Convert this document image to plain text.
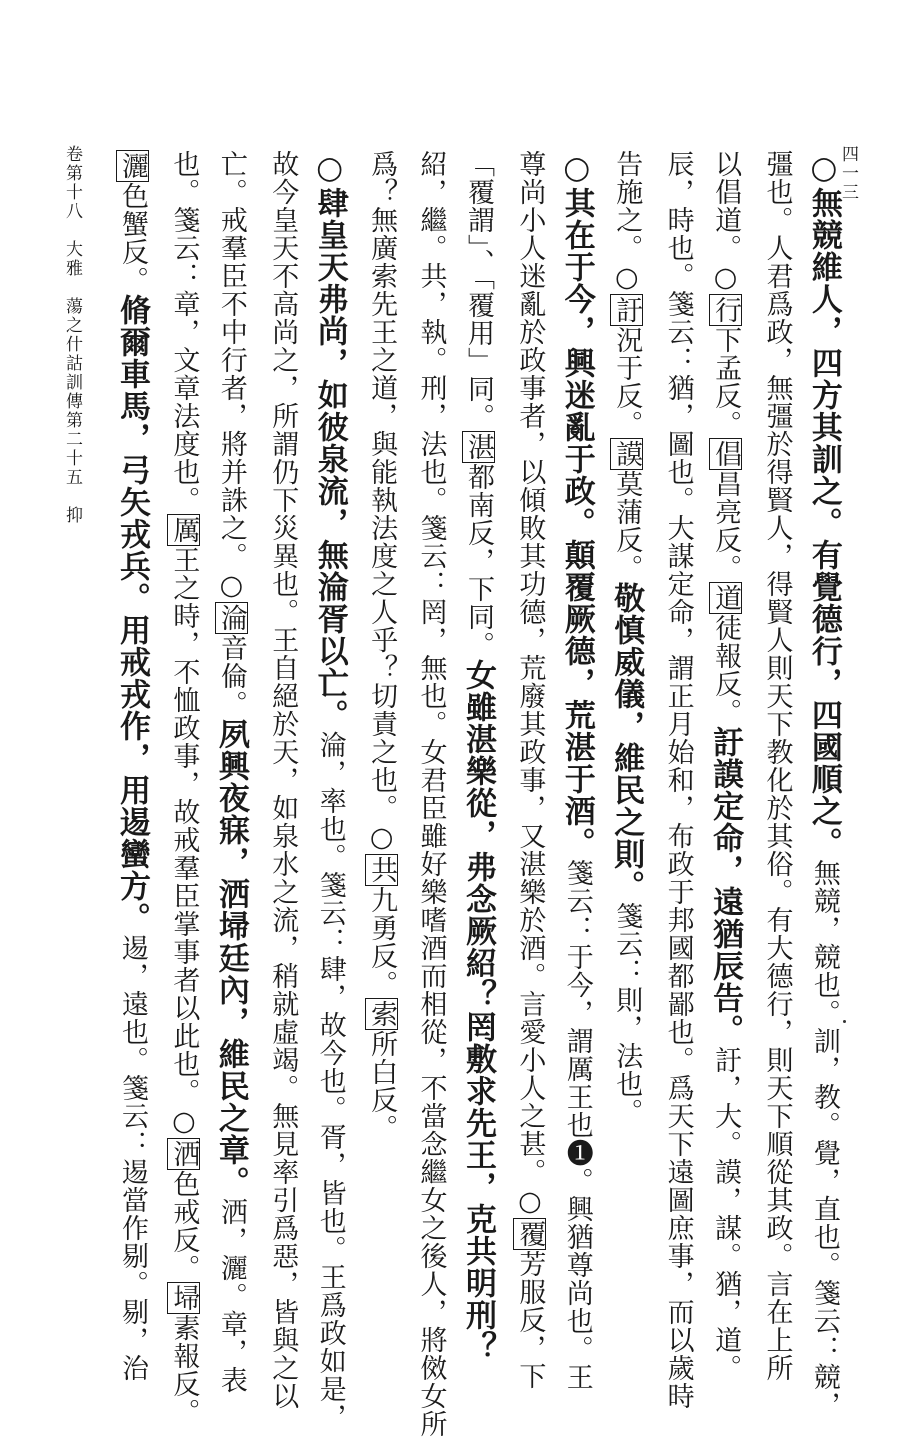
四一三
○無競維人，四方其訓之。有覺德行，四國順之。無競，競也。訓，教。覺，直也。箋云：競，
彊也。人君爲政，無彊於得賢人，得賢人則天下教化於其俗。有大德行，則天下順從其政。言在上所
以倡道。○行下孟反。倡昌亮反。道徒報反。訏謨定命，遠猶辰告。訏，大。謨，謀。猶，道。
辰，時也。箋云：猶，圖也。大謀定命，謂正月始和，布政于邦國都鄙也。爲天下遠圖庶事，而以歲時
告施之。○訏況于反。謨莫蒲反。敬慎威儀，維民之則。箋云：則，法也。
○其在于今，興迷亂于政。顛覆厥德，荒湛于酒。箋云：于今，謂厲王也❶。興猶尊尚也。王
尊尚小人迷亂於政事者，以傾敗其功德，荒廢其政事，又湛樂於酒。言愛小人之甚。○覆芳服反，下
「覆謂」、「覆用」同。湛都南反，下同。女雖湛樂從，弗念厥紹？罔敷求先王，克共明刑？
紹，繼。共，執。刑，法也。箋云：罔，無也。女君臣雖好樂嗜酒而相從，不當念繼女之後人，將傚女所
爲？無廣索先王之道，與能執法度之人乎？切責之也。○共九勇反。索所白反。
○肆皇天弗尚，如彼泉流，無淪胥以亡。淪，率也。箋云：肆，故今也。胥，皆也。王爲政如是，
故今皇天不高尚之，所謂仍下災異也。王自絕於天，如泉水之流，稍就虛竭。無見率引爲惡，皆與之以
亡。戒羣臣不中行者，將并誅之。○淪音倫。夙興夜寐，洒埽廷內，維民之章。洒，灑。章，表
也。箋云：章，文章法度也。厲王之時，不恤政事，故戒羣臣掌事者以此也。○洒色戒反。埽素報反。
灑色蟹反。脩爾車馬，弓矢戎兵。用戒戎作，用逷蠻方。逷，遠也。箋云：逷當作剔。剔，治
卷第十八　大雅　蕩之什詁訓傳第二十五　抑
